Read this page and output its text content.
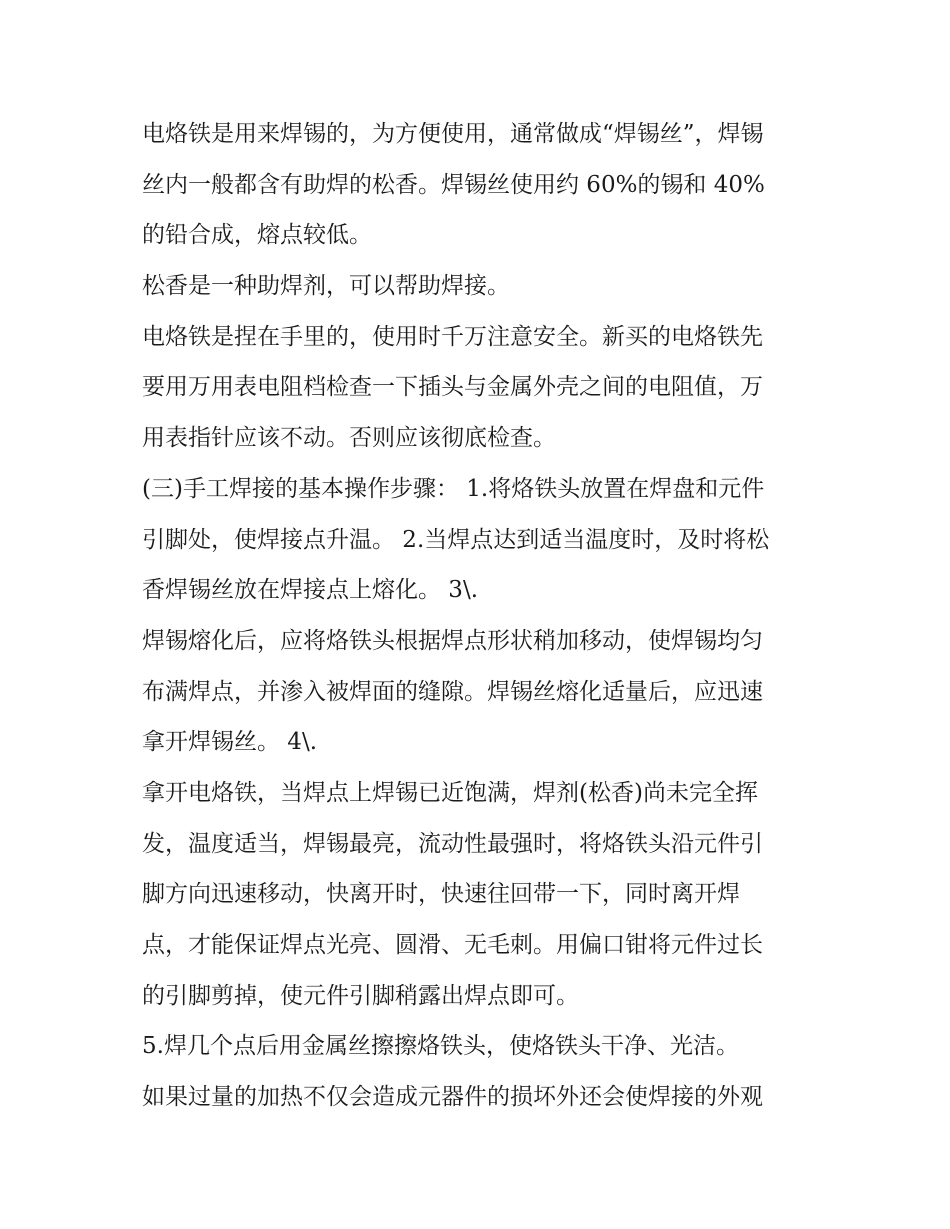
电烙铁是用来焊锡的，为方便使用，通常做成“焊锡丝”，焊锡
丝内一般都含有助焊的松香。焊锡丝使用约 60%的锡和 40%
的铅合成，熔点较低。
松香是一种助焊剂，可以帮助焊接。
电烙铁是捏在手里的，使用时千万注意安全。新买的电烙铁先
要用万用表电阻档检查一下插头与金属外壳之间的电阻值，万
用表指针应该不动。否则应该彻底检查。
(三)手工焊接的基本操作步骤： 1.将烙铁头放置在焊盘和元件
引脚处，使焊接点升温。 2.当焊点达到适当温度时，及时将松
香焊锡丝放在焊接点上熔化。 3\.
焊锡熔化后，应将烙铁头根据焊点形状稍加移动，使焊锡均匀
布满焊点，并渗入被焊面的缝隙。焊锡丝熔化适量后，应迅速
拿开焊锡丝。 4\.
拿开电烙铁，当焊点上焊锡已近饱满，焊剂(松香)尚未完全挥
发，温度适当，焊锡最亮，流动性最强时，将烙铁头沿元件引
脚方向迅速移动，快离开时，快速往回带一下，同时离开焊
点，才能保证焊点光亮、圆滑、无毛刺。用偏口钳将元件过长
的引脚剪掉，使元件引脚稍露出焊点即可。
5.焊几个点后用金属丝擦擦烙铁头，使烙铁头干净、光洁。
如果过量的加热不仅会造成元器件的损坏外还会使焊接的外观
